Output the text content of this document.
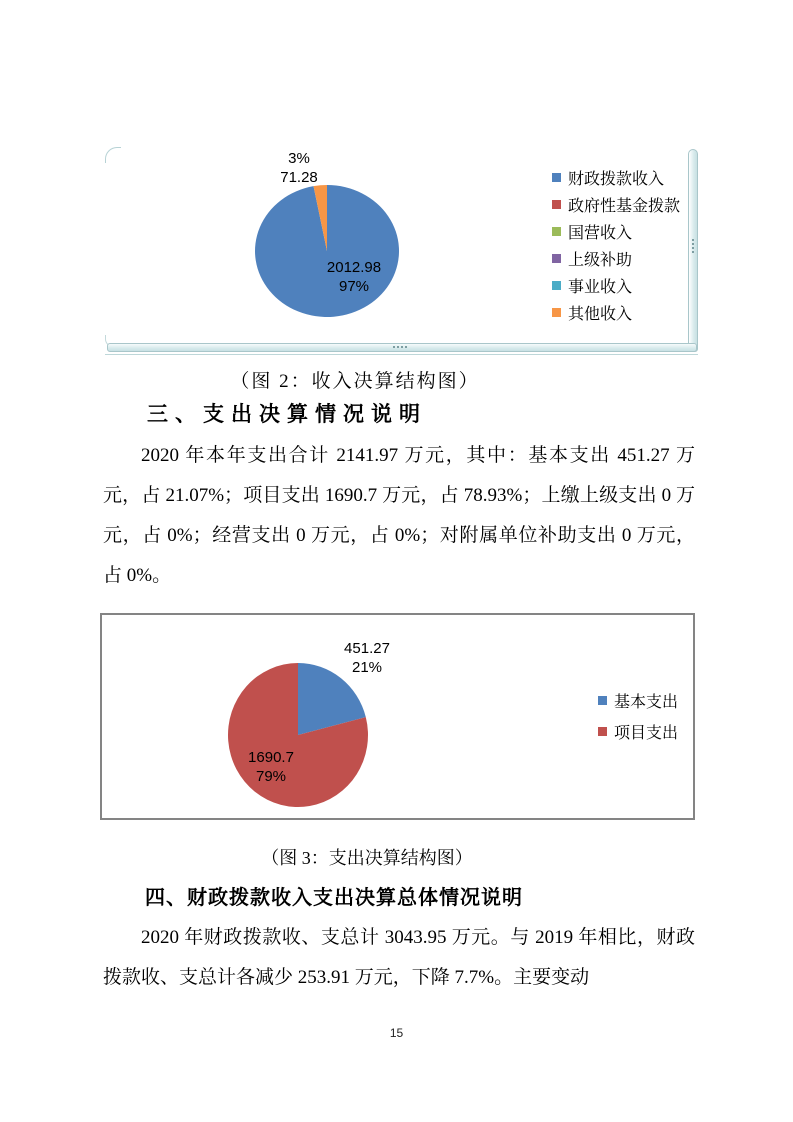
3%
71.28
2012.98
97%
财政拨款收入
政府性基金拨款
国营收入
上级补助
事业收入
其他收入
（图 2：收入决算结构图）
三、支出决算情况说明
2020 年本年支出合计 2141.97 万元，其中：基本支出 451.27 万元，占 21.07%；项目支出 1690.7 万元，占 78.93%；上缴上级支出 0 万元，占 0%；经营支出 0 万元，占 0%；对附属单位补助支出 0 万元，占 0%。
451.27
21%
1690.7
79%
基本支出
项目支出
（图 3：支出决算结构图）
四、财政拨款收入支出决算总体情况说明
2020 年财政拨款收、支总计 3043.95 万元。与 2019 年相比，财政拨款收、支总计各减少 253.91 万元，下降 7.7%。主要变动
15
